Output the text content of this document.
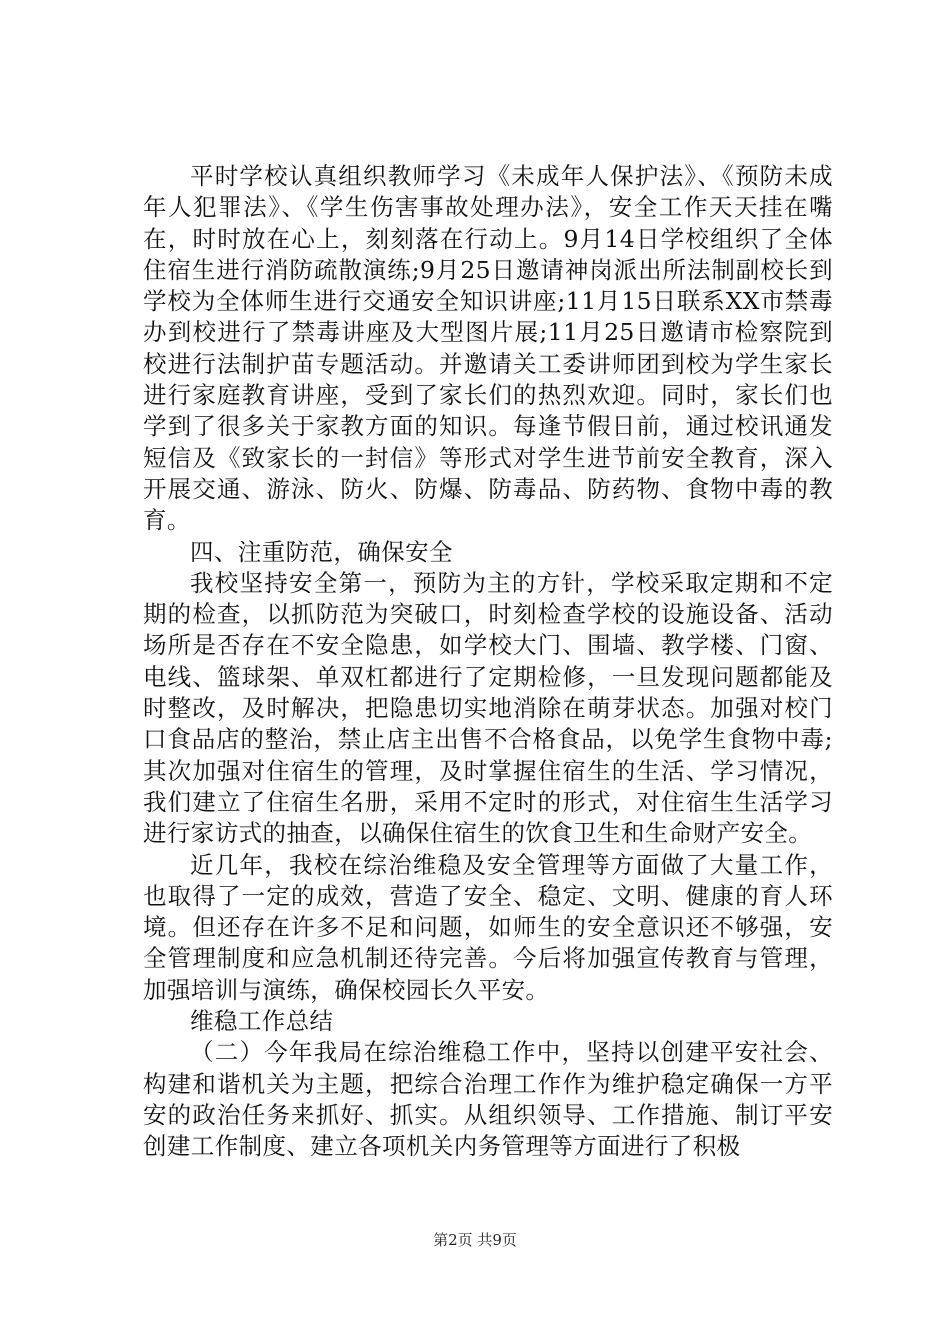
平时学校认真组织教师学习《未成年人保护法》、《预防未成年人犯罪法》、《学生伤害事故处理办法》，安全工作天天挂在嘴在，时时放在心上，刻刻落在行动上。9月14日学校组织了全体住宿生进行消防疏散演练;9月25日邀请神岗派出所法制副校长到学校为全体师生进行交通安全知识讲座;11月15日联系XX市禁毒办到校进行了禁毒讲座及大型图片展;11月25日邀请市检察院到校进行法制护苗专题活动。并邀请关工委讲师团到校为学生家长进行家庭教育讲座，受到了家长们的热烈欢迎。同时，家长们也学到了很多关于家教方面的知识。每逢节假日前，通过校讯通发短信及《致家长的一封信》等形式对学生进节前安全教育，深入开展交通、游泳、防火、防爆、防毒品、防药物、食物中毒的教育。

四、注重防范，确保安全

我校坚持安全第一，预防为主的方针，学校采取定期和不定期的检查，以抓防范为突破口，时刻检查学校的设施设备、活动场所是否存在不安全隐患，如学校大门、围墙、教学楼、门窗、电线、篮球架、单双杠都进行了定期检修，一旦发现问题都能及时整改，及时解决，把隐患切实地消除在萌芽状态。加强对校门口食品店的整治，禁止店主出售不合格食品，以免学生食物中毒;其次加强对住宿生的管理，及时掌握住宿生的生活、学习情况，我们建立了住宿生名册，采用不定时的形式，对住宿生生活学习进行家访式的抽查，以确保住宿生的饮食卫生和生命财产安全。

近几年，我校在综治维稳及安全管理等方面做了大量工作，也取得了一定的成效，营造了安全、稳定、文明、健康的育人环境。但还存在许多不足和问题，如师生的安全意识还不够强，安全管理制度和应急机制还待完善。今后将加强宣传教育与管理，加强培训与演练，确保校园长久平安。

维稳工作总结

（二）今年我局在综治维稳工作中，坚持以创建平安社会、构建和谐机关为主题，把综合治理工作作为维护稳定确保一方平安的政治任务来抓好、抓实。从组织领导、工作措施、制订平安创建工作制度、建立各项机关内务管理等方面进行了积极

第2页 共9页
